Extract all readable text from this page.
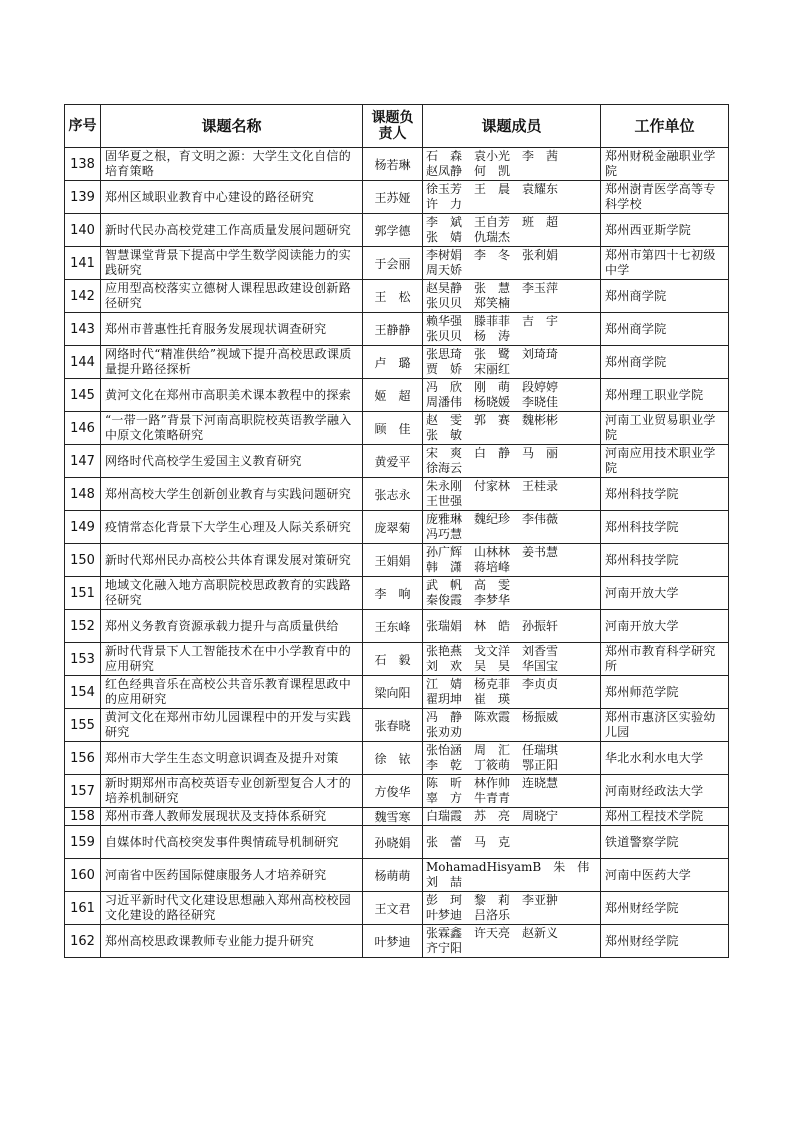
序号	课题名称	课题负责人	课题成员	工作单位
138	固华夏之根，育文明之源：大学生文化自信的培育策略	杨若琳	石　森　袁小光　李　茜
赵凤静　何　凯	郑州财税金融职业学院
139	郑州区域职业教育中心建设的路径研究	王苏娅	徐玉芳　王　晨　袁耀东
许　力	郑州澍青医学高等专科学校
140	新时代民办高校党建工作高质量发展问题研究	郭学德	李　斌　王自芳　班　超
张　婧　仇瑞杰	郑州西亚斯学院
141	智慧课堂背景下提高中学生数学阅读能力的实践研究	于会丽	李树娟　李　冬　张利娟
周天娇	郑州市第四十七初级中学
142	应用型高校落实立德树人课程思政建设创新路径研究	王　松	赵昊静　张　慧　李玉萍
张贝贝　郑笑楠	郑州商学院
143	郑州市普惠性托育服务发展现状调查研究	王静静	赖华强　滕菲菲　吉　宇
张贝贝　杨　涛	郑州商学院
144	网络时代“精准供给”视域下提升高校思政课质量提升路径探析	卢　璐	张思琦　张　鹭　刘琦琦
贾　娇　宋丽红	郑州商学院
145	黄河文化在郑州市高职美术课本教程中的探索	姬　超	冯　欣　刚　萌　段婷婷
周潘伟　杨晓媛　李晓佳	郑州理工职业学院
146	“一带一路”背景下河南高职院校英语教学融入中原文化策略研究	顾　佳	赵　雯　郭　赛　魏彬彬
张　敏	河南工业贸易职业学院
147	网络时代高校学生爱国主义教育研究	黄爱平	宋　爽　白　静　马　丽
徐海云	河南应用技术职业学院
148	郑州高校大学生创新创业教育与实践问题研究	张志永	朱永刚　付家林　王桂录
王世强	郑州科技学院
149	疫情常态化背景下大学生心理及人际关系研究	庞翠菊	庞雅琳　魏纪珍　李伟薇
冯巧慧	郑州科技学院
150	新时代郑州民办高校公共体育课发展对策研究	王娟娟	孙广辉　山林林　姜书慧
韩　潇　蒋培峰	郑州科技学院
151	地域文化融入地方高职院校思政教育的实践路径研究	李　响	武　帆　高　雯
秦俊霞　李梦华	河南开放大学
152	郑州义务教育资源承载力提升与高质量供给	王东峰	张瑞娟　林　皓　孙振轩	河南开放大学
153	新时代背景下人工智能技术在中小学教育中的应用研究	石　毅	张艳燕　戈文洋　刘香雪
刘　欢　吴　昊　华国宝	郑州市教育科学研究所
154	红色经典音乐在高校公共音乐教育课程思政中的应用研究	梁向阳	江　婧　杨克菲　李贞贞
翟玥坤　崔　瑛	郑州师范学院
155	黄河文化在郑州市幼儿园课程中的开发与实践研究	张春晓	冯　静　陈欢霞　杨振威
张劝劝	郑州市惠济区实验幼儿园
156	郑州市大学生生态文明意识调查及提升对策	徐　铱	张怡涵　周　汇　任瑞琪
李　乾　丁筱萌　鄂正阳	华北水利水电大学
157	新时期郑州市高校英语专业创新型复合人才的培养机制研究	方俊华	陈　昕　林作帅　连晓慧
辜　方　牛青青	河南财经政法大学
158	郑州市聋人教师发展现状及支持体系研究	魏雪寒	白瑞霞　苏　亮　周晓宁	郑州工程技术学院
159	自媒体时代高校突发事件舆情疏导机制研究	孙晓娟	张　蕾　马　克	铁道警察学院
160	河南省中医药国际健康服务人才培养研究	杨萌萌	MohamadHisyamB　朱　伟
刘　喆	河南中医药大学
161	习近平新时代文化建设思想融入郑州高校校园文化建设的路径研究	王文君	彭　珂　黎　莉　李亚翀
叶梦迪　吕洛乐	郑州财经学院
162	郑州高校思政课教师专业能力提升研究	叶梦迪	张霖鑫　许天亮　赵新义
齐宁阳	郑州财经学院
